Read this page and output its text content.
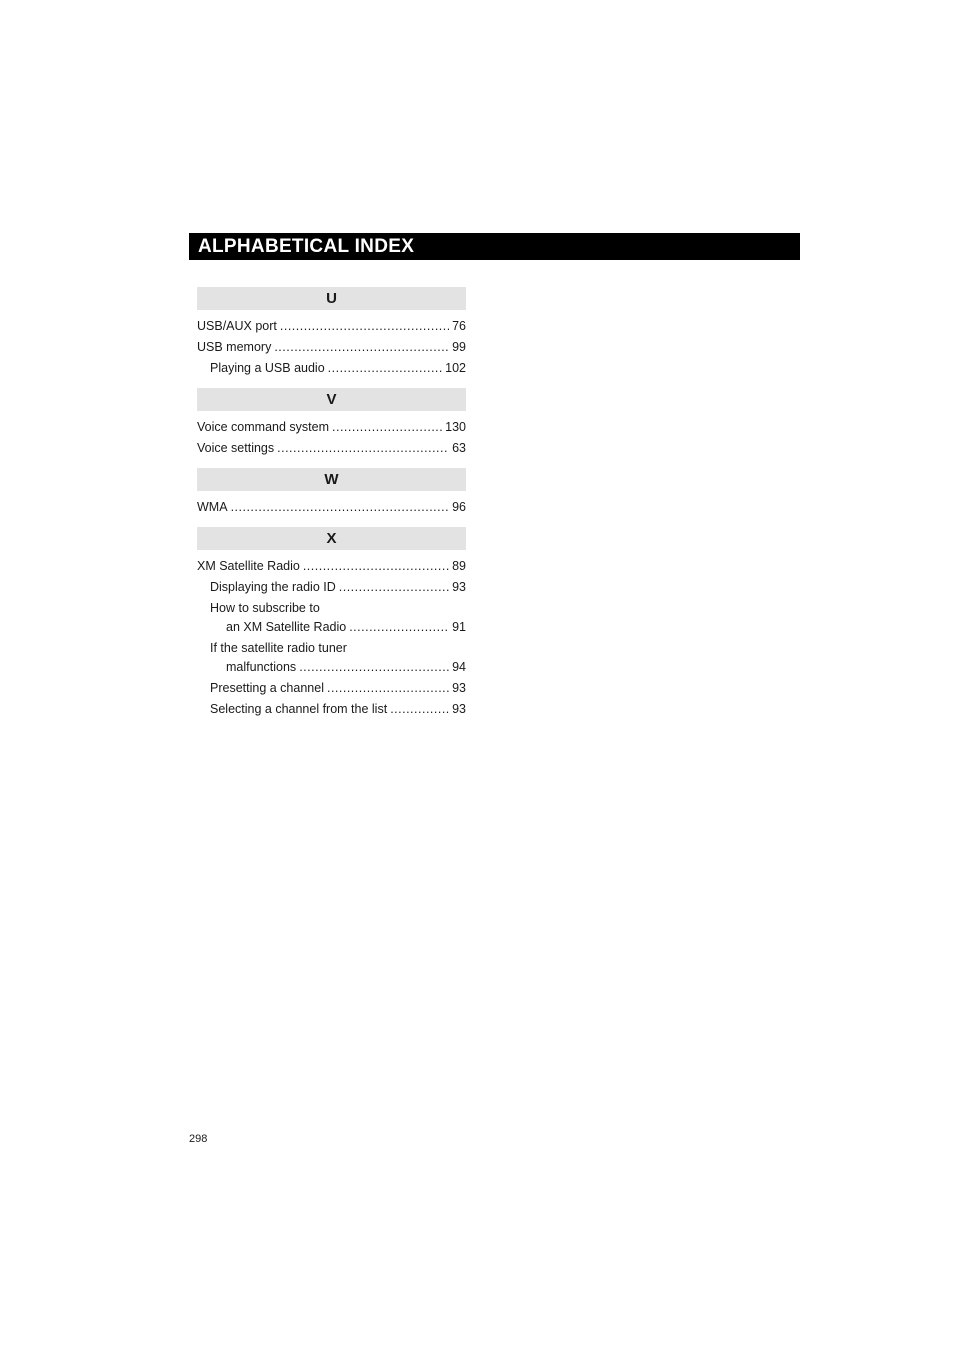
ALPHABETICAL INDEX
U
USB/AUX port .....	76
USB memory .....	99
Playing a USB audio .....	102
V
Voice command system .....	130
Voice settings .....	63
W
WMA .....	96
X
XM Satellite Radio .....	89
Displaying the radio ID .....	93
How to subscribe to
an XM Satellite Radio .....	91
If the satellite radio tuner
malfunctions .....	94
Presetting a channel .....	93
Selecting a channel from the list .....	93
298
